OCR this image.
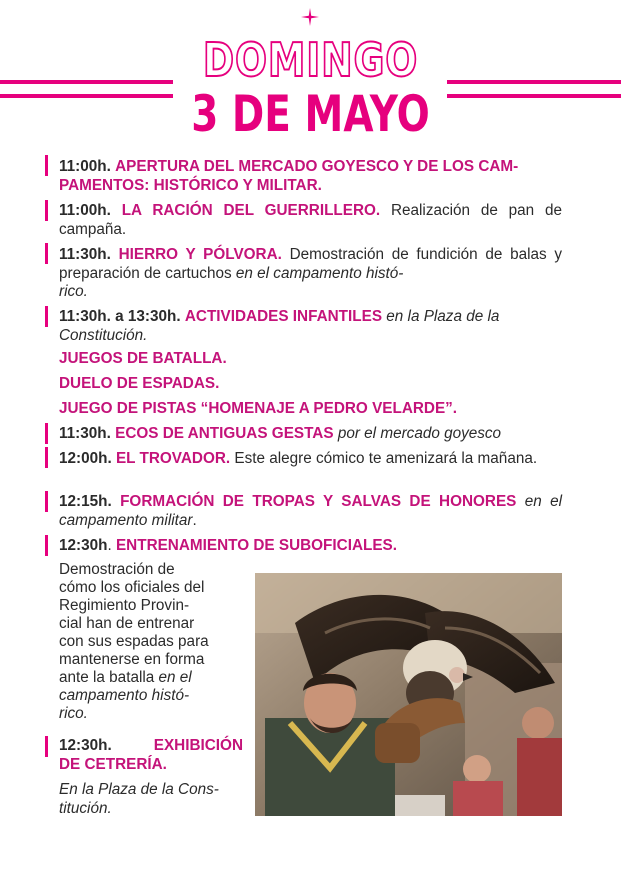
DOMINGO
3 DE MAYO
11:00h. APERTURA DEL MERCADO GOYESCO Y DE LOS CAM-
PAMENTOS: HISTÓRICO Y MILITAR.
11:00h. LA RACIÓN DEL GUERRILLERO. Realización de pan de campaña.
11:30h. HIERRO Y PÓLVORA. Demostración de fundición de balas y preparación de cartuchos en el campamento histó-
rico.
11:30h. a 13:30h. ACTIVIDADES INFANTILES en la Plaza de la
Constitución.
JUEGOS DE BATALLA.
DUELO DE ESPADAS.
JUEGO DE PISTAS “HOMENAJE A PEDRO VELARDE”.
11:30h. ECOS DE ANTIGUAS GESTAS por el mercado goyesco
12:00h. EL TROVADOR. Este alegre cómico te amenizará la mañana.
12:15h. FORMACIÓN DE TROPAS Y SALVAS DE HONORES en el campamento militar.
12:30h. ENTRENAMIENTO DE SUBOFICIALES.
Demostración de
cómo los oficiales del
Regimiento Provin-
cial han de entrenar
con sus espadas para
mantenerse en forma
ante la batalla en el
campamento histó-
rico.
12:30h.	EXHIBICIÓN
DE CETRERÍA.
En la Plaza de la Cons-
titución.
